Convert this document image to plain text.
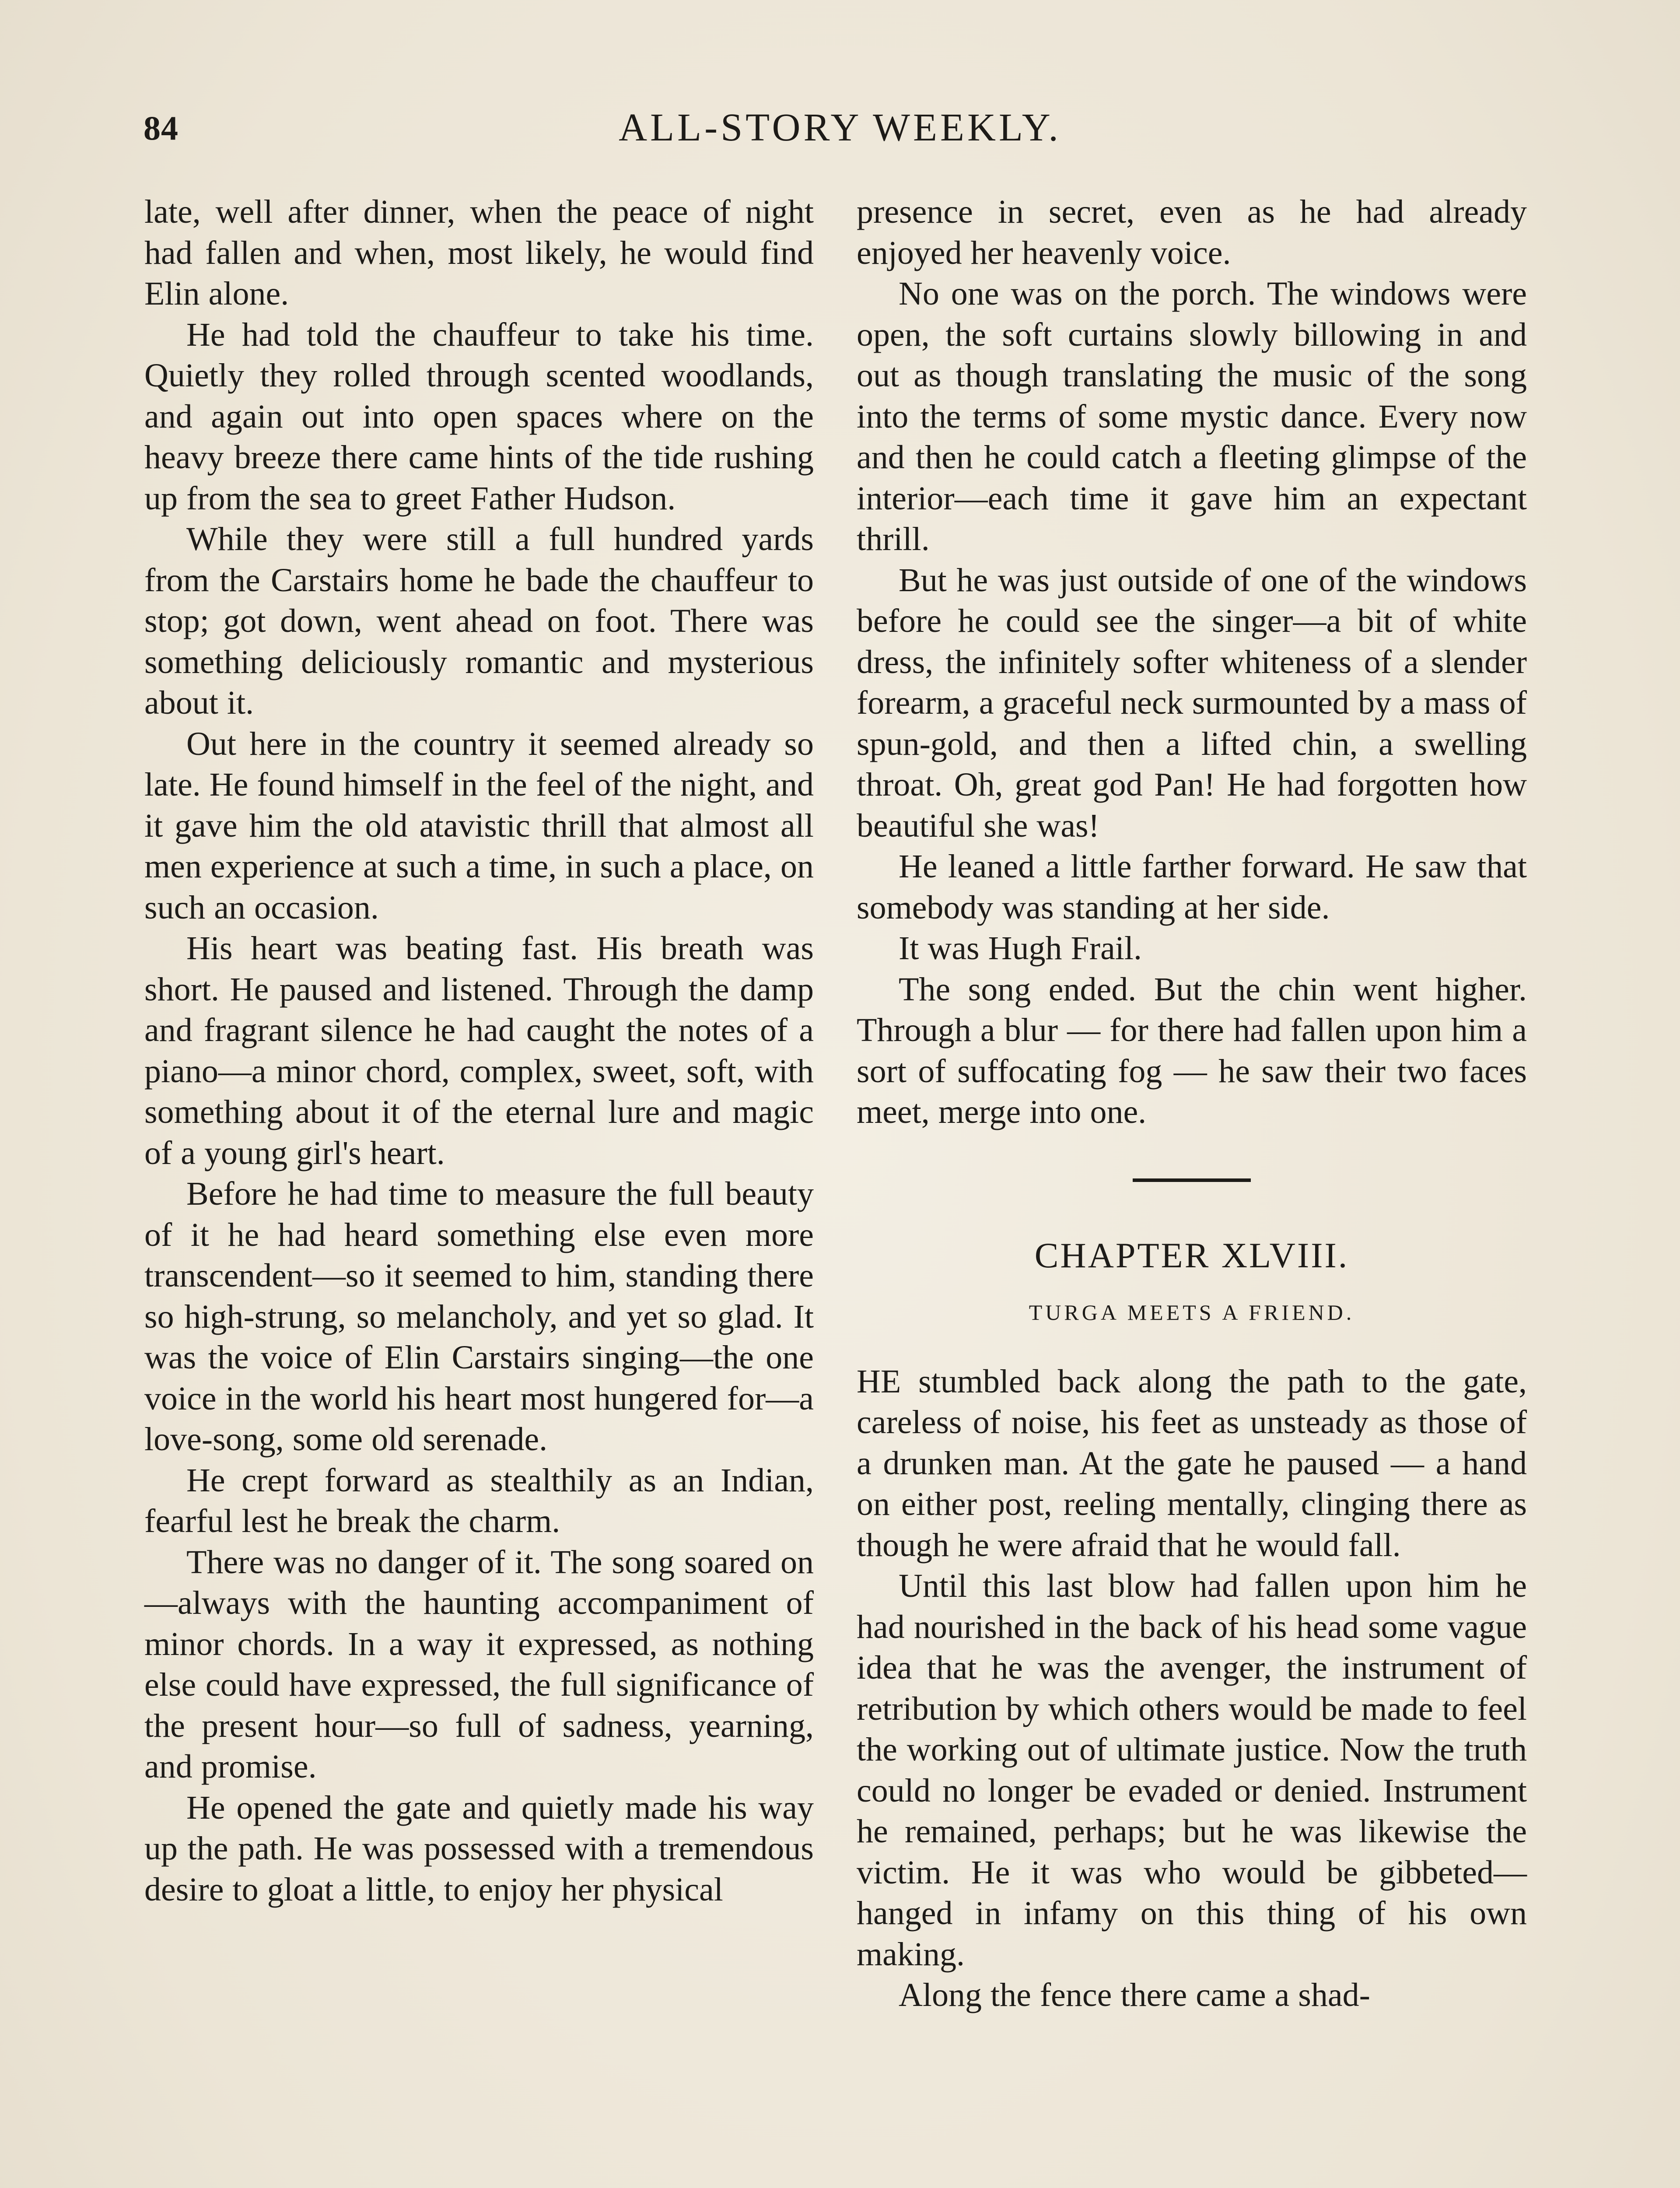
84	ALL-STORY WEEKLY.

late, well after dinner, when the peace of night had fallen and when, most likely, he would find Elin alone.

He had told the chauffeur to take his time. Quietly they rolled through scented woodlands, and again out into open spaces where on the heavy breeze there came hints of the tide rushing up from the sea to greet Father Hudson.

While they were still a full hundred yards from the Carstairs home he bade the chauffeur to stop; got down, went ahead on foot. There was something deliciously romantic and mysterious about it.

Out here in the country it seemed already so late. He found himself in the feel of the night, and it gave him the old atavistic thrill that almost all men experience at such a time, in such a place, on such an occasion.

His heart was beating fast. His breath was short. He paused and listened. Through the damp and fragrant silence he had caught the notes of a piano—a minor chord, complex, sweet, soft, with something about it of the eternal lure and magic of a young girl's heart.

Before he had time to measure the full beauty of it he had heard something else even more transcendent—so it seemed to him, standing there so high-strung, so melancholy, and yet so glad. It was the voice of Elin Carstairs singing—the one voice in the world his heart most hungered for—a love-song, some old serenade.

He crept forward as stealthily as an Indian, fearful lest he break the charm.

There was no danger of it. The song soared on—always with the haunting accompaniment of minor chords. In a way it expressed, as nothing else could have expressed, the full significance of the present hour—so full of sadness, yearning, and promise.

He opened the gate and quietly made his way up the path. He was possessed with a tremendous desire to gloat a little, to enjoy her physical

presence in secret, even as he had already enjoyed her heavenly voice.

No one was on the porch. The windows were open, the soft curtains slowly billowing in and out as though translating the music of the song into the terms of some mystic dance. Every now and then he could catch a fleeting glimpse of the interior—each time it gave him an expectant thrill.

But he was just outside of one of the windows before he could see the singer—a bit of white dress, the infinitely softer whiteness of a slender forearm, a graceful neck surmounted by a mass of spun-gold, and then a lifted chin, a swelling throat. Oh, great god Pan! He had forgotten how beautiful she was!

He leaned a little farther forward. He saw that somebody was standing at her side.

It was Hugh Frail.

The song ended. But the chin went higher. Through a blur — for there had fallen upon him a sort of suffocating fog — he saw their two faces meet, merge into one.

CHAPTER XLVIII.
TURGA MEETS A FRIEND.

HE stumbled back along the path to the gate, careless of noise, his feet as unsteady as those of a drunken man. At the gate he paused — a hand on either post, reeling mentally, clinging there as though he were afraid that he would fall.

Until this last blow had fallen upon him he had nourished in the back of his head some vague idea that he was the avenger, the instrument of retribution by which others would be made to feel the working out of ultimate justice. Now the truth could no longer be evaded or denied. Instrument he remained, perhaps; but he was likewise the victim. He it was who would be gibbeted—hanged in infamy on this thing of his own making.

Along the fence there came a shad-
